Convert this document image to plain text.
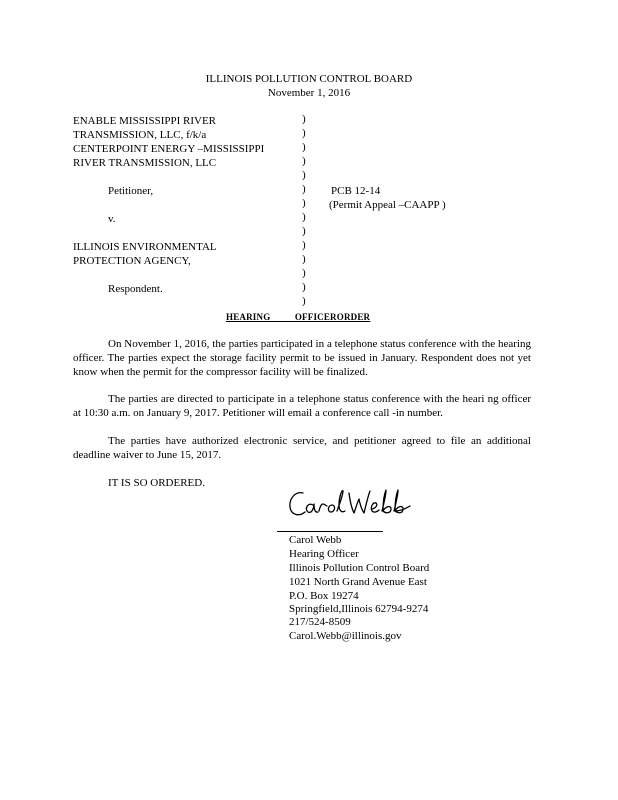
ILLINOIS POLLUTION CONTROL BOARD
November 1, 2016
ENABLE MISSISSIPPI RIVER
TRANSMISSION, LLC, f/k/a
CENTERPOINT ENERGY –MISSISSIPPI
RIVER TRANSMISSION, LLC
Petitioner,
v.
ILLINOIS ENVIRONMENTAL
PROTECTION AGENCY,
Respondent.
)
)
)
)
)
)
)
)
)
)
)
)
)
)
PCB 12-14
(Permit Appeal –CAAPP )
HEARING OFFICERORDER
On November 1, 2016, the parties participated in a telephone status conference with the hearing officer. The parties expect the storage facility permit to be issued in January. Respondent does not yet know when the permit for the compressor facility will be finalized.
The parties are directed to participate in a telephone status conference with the heari ng officer at 10:30 a.m. on January 9, 2017. Petitioner will email a conference call -in number.
The parties have authorized electronic service, and petitioner agreed to file an additional deadline waiver to June 15, 2017.
IT IS SO ORDERED.
Carol Webb
Hearing Officer
Illinois Pollution Control Board
1021 North Grand Avenue East
P.O. Box 19274
Springfield,Illinois 62794-9274
217/524-8509
Carol.Webb@illinois.gov
